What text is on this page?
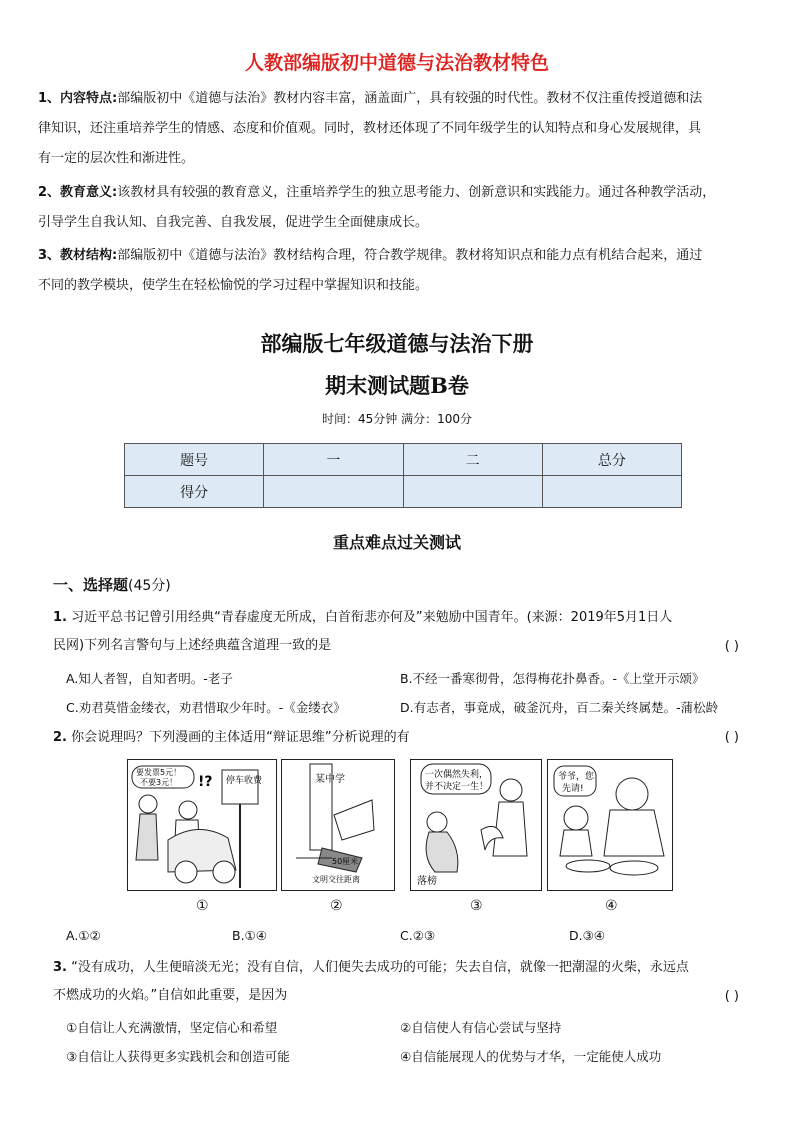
人教部编版初中道德与法治教材特色
1、内容特点:部编版初中《道德与法治》教材内容丰富，涵盖面广，具有较强的时代性。教材不仅注重传授道德和法
律知识，还注重培养学生的情感、态度和价值观。同时，教材还体现了不同年级学生的认知特点和身心发展规律，具
有一定的层次性和渐进性。
2、教育意义:该教材具有较强的教育意义，注重培养学生的独立思考能力、创新意识和实践能力。通过各种教学活动，
引导学生自我认知、自我完善、自我发展，促进学生全面健康成长。
3、教材结构:部编版初中《道德与法治》教材结构合理，符合教学规律。教材将知识点和能力点有机结合起来，通过
不同的教学模块，使学生在轻松愉悦的学习过程中掌握知识和技能。
部编版七年级道德与法治下册
期末测试题B卷
时间：45分钟 满分：100分
题号	一	二	总分
得分			
重点难点过关测试
一、选择题(45分)
1. 习近平总书记曾引用经典“青春虚度无所成，白首衔悲亦何及”来勉励中国青年。(来源：2019年5月1日人
民网)下列名言警句与上述经典蕴含道理一致的是	( )
A.知人者智，自知者明。-老子	B.不经一番寒彻骨，怎得梅花扑鼻香。-《上堂开示颂》
C.劝君莫惜金缕衣，劝君惜取少年时。-《金缕衣》	D.有志者，事竟成，破釜沉舟，百二秦关终属楚。-蒲松龄
2. 你会说理吗？下列漫画的主体适用“辩证思维”分析说理的有	( )
要发票5元！
不要3元！ !? 停车收费
①
某中学
50厘米
文明交往距离
②
一次偶然失利，
并不决定一生！
落榜
③
爷爷，您
先请!
④
A.①②	B.①④	C.②③	D.③④
3. “没有成功，人生便暗淡无光；没有自信，人们便失去成功的可能；失去自信，就像一把潮湿的火柴，永远点
不燃成功的火焰。”自信如此重要，是因为	( )
①自信让人充满激情，坚定信心和希望	②自信使人有信心尝试与坚持
③自信让人获得更多实践机会和创造可能	④自信能展现人的优势与才华，一定能使人成功
